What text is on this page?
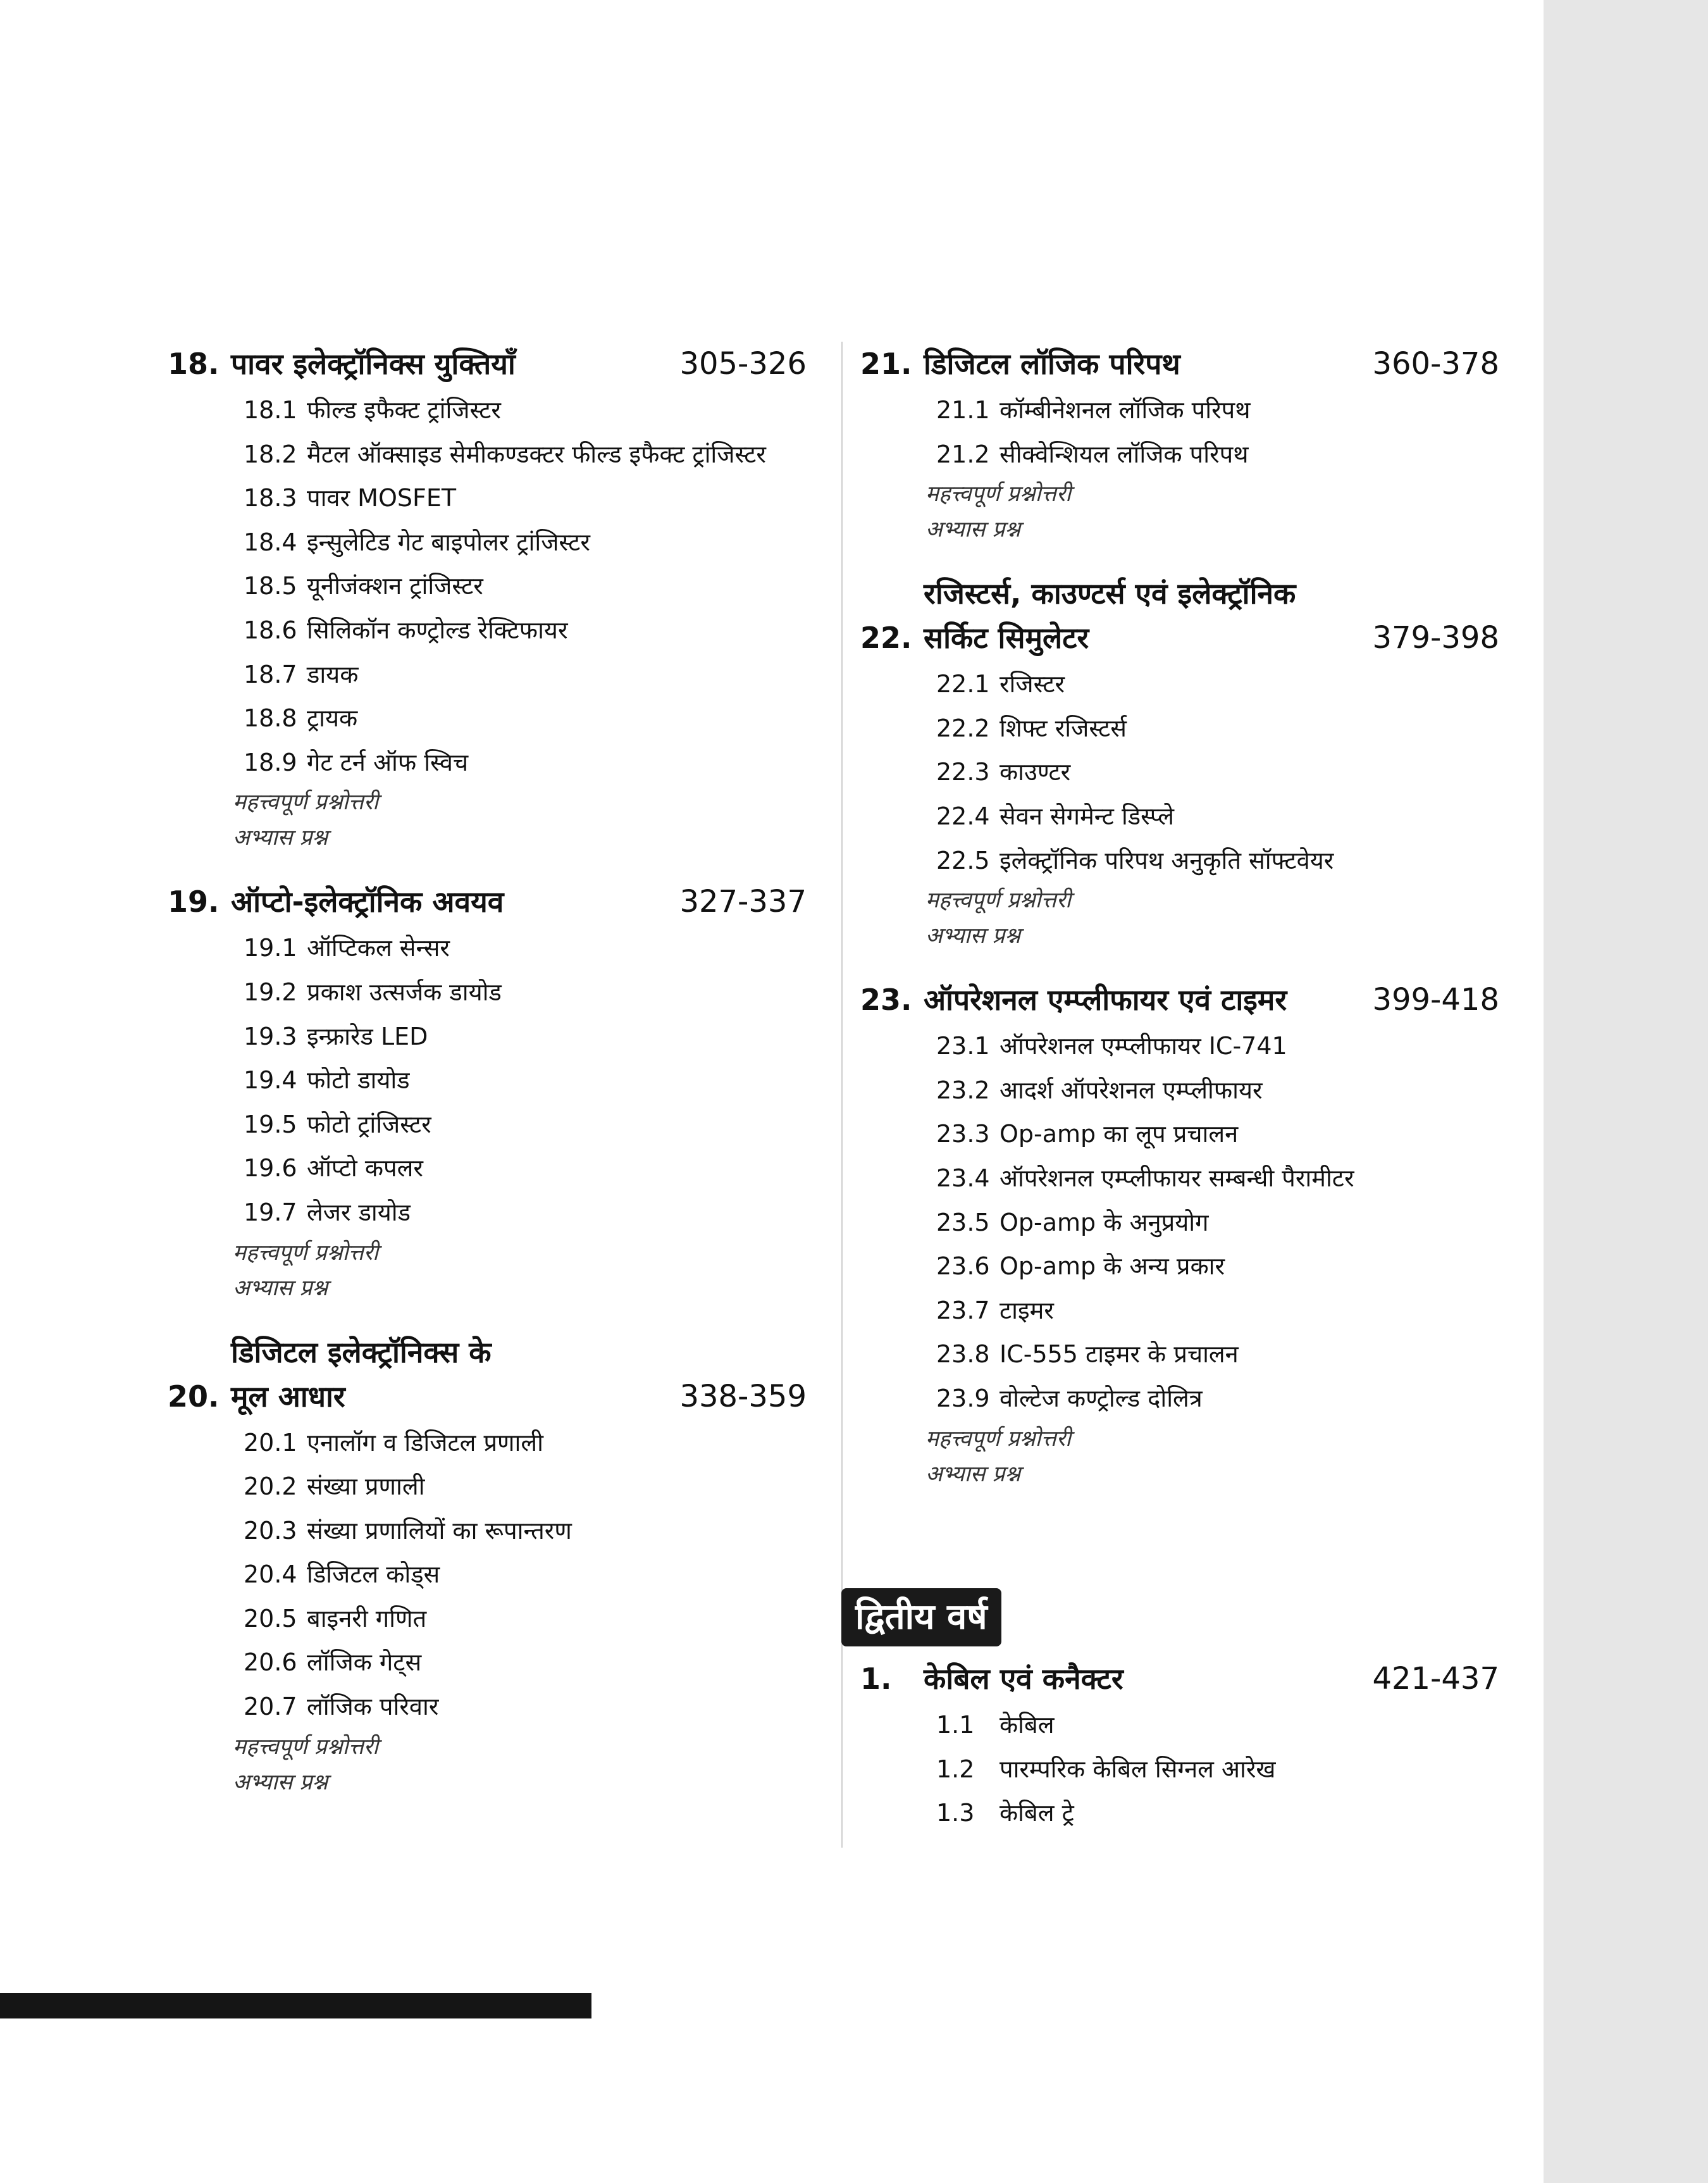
18. पावर इलेक्ट्रॉनिक्स युक्तियाँ	305-326
18.1 फील्ड इफैक्ट ट्रांजिस्टर
18.2 मैटल ऑक्साइड सेमीकण्डक्टर फील्ड इफैक्ट ट्रांजिस्टर
18.3 पावर MOSFET
18.4 इन्सुलेटिड गेट बाइपोलर ट्रांजिस्टर
18.5 यूनीजंक्शन ट्रांजिस्टर
18.6 सिलिकॉन कण्ट्रोल्ड रेक्टिफायर
18.7 डायक
18.8 ट्रायक
18.9 गेट टर्न ऑफ स्विच
महत्त्वपूर्ण प्रश्नोत्तरी
अभ्यास प्रश्न
19. ऑप्टो-इलेक्ट्रॉनिक अवयव	327-337
19.1 ऑप्टिकल सेन्सर
19.2 प्रकाश उत्सर्जक डायोड
19.3 इन्फ्रारेड LED
19.4 फोटो डायोड
19.5 फोटो ट्रांजिस्टर
19.6 ऑप्टो कपलर
19.7 लेजर डायोड
महत्त्वपूर्ण प्रश्नोत्तरी
अभ्यास प्रश्न
20.
डिजिटल इलेक्ट्रॉनिक्स के
मूल आधार	338-359
20.1 एनालॉग व डिजिटल प्रणाली
20.2 संख्या प्रणाली
20.3 संख्या प्रणालियों का रूपान्तरण
20.4 डिजिटल कोड्स
20.5 बाइनरी गणित
20.6 लॉजिक गेट्स
20.7 लॉजिक परिवार
महत्त्वपूर्ण प्रश्नोत्तरी
अभ्यास प्रश्न
21. डिजिटल लॉजिक परिपथ	360-378
21.1 कॉम्बीनेशनल लॉजिक परिपथ
21.2 सीक्वेन्शियल लॉजिक परिपथ
महत्त्वपूर्ण प्रश्नोत्तरी
अभ्यास प्रश्न
22.
रजिस्टर्स, काउण्टर्स एवं इलेक्ट्रॉनिक
सर्किट सिमुलेटर	379-398
22.1 रजिस्टर
22.2 शिफ्ट रजिस्टर्स
22.3 काउण्टर
22.4 सेवन सेगमेन्ट डिस्प्ले
22.5 इलेक्ट्रॉनिक परिपथ अनुकृति सॉफ्टवेयर
महत्त्वपूर्ण प्रश्नोत्तरी
अभ्यास प्रश्न
23. ऑपरेशनल एम्प्लीफायर एवं टाइमर	399-418
23.1 ऑपरेशनल एम्प्लीफायर IC-741
23.2 आदर्श ऑपरेशनल एम्प्लीफायर
23.3 Op-amp का लूप प्रचालन
23.4 ऑपरेशनल एम्प्लीफायर सम्बन्धी पैरामीटर
23.5 Op-amp के अनुप्रयोग
23.6 Op-amp के अन्य प्रकार
23.7 टाइमर
23.8 IC-555 टाइमर के प्रचालन
23.9 वोल्टेज कण्ट्रोल्ड दोलित्र
महत्त्वपूर्ण प्रश्नोत्तरी
अभ्यास प्रश्न
द्वितीय वर्ष
1.	केबिल एवं कनैक्टर	421-437
1.1 केबिल
1.2 पारम्परिक केबिल सिग्नल आरेख
1.3 केबिल ट्रे
